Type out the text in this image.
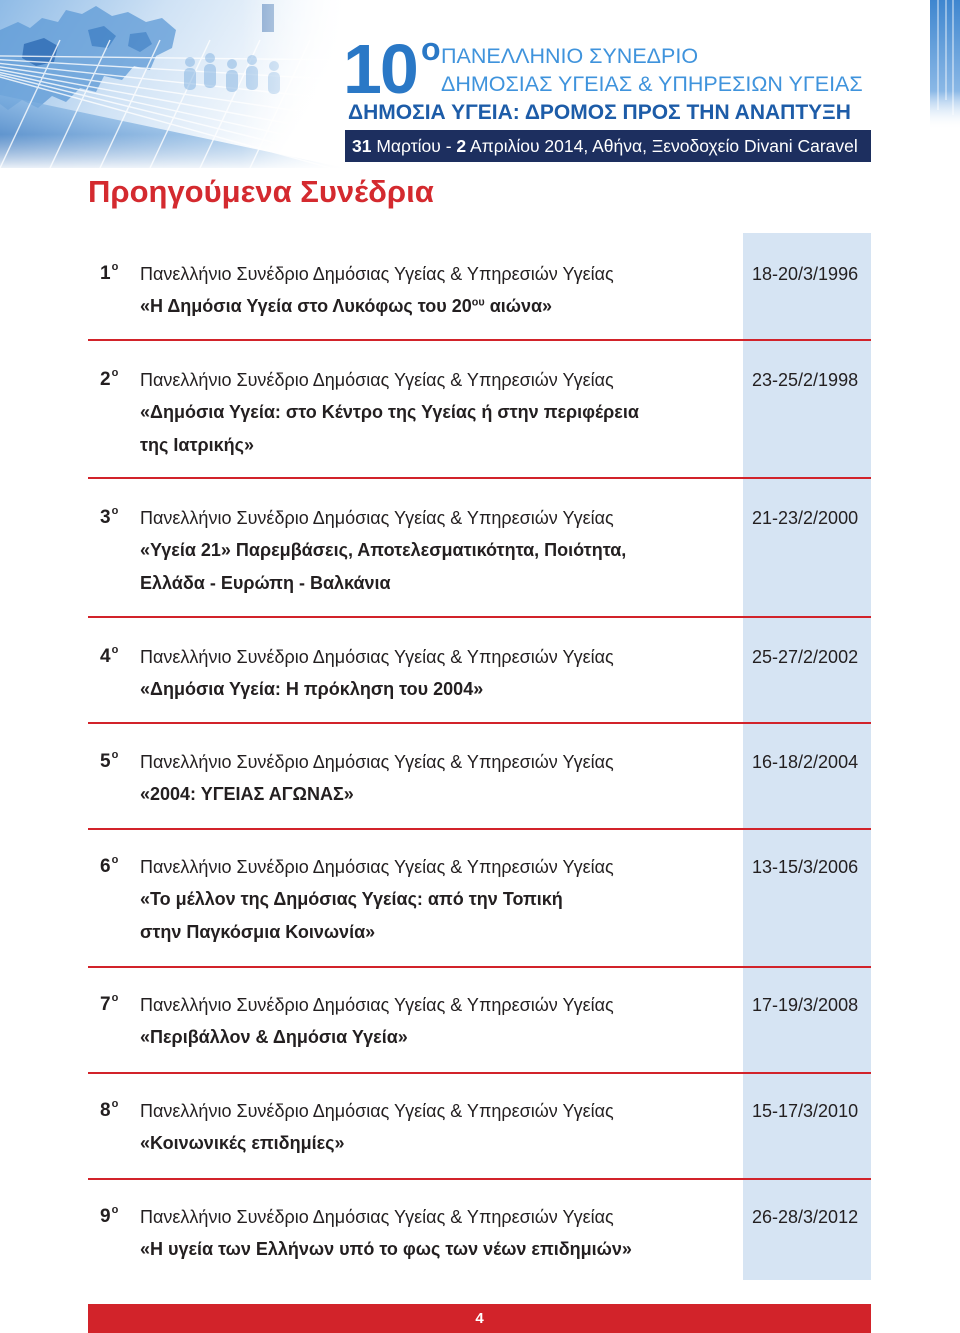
10 ο ΠΑΝΕΛΛΗΝΙΟ ΣΥΝΕΔΡΙΟ
ΔΗΜΟΣΙΑΣ ΥΓΕΙΑΣ & ΥΠΗΡΕΣΙΩΝ ΥΓΕΙΑΣ
ΔΗΜΟΣΙΑ ΥΓΕΙΑ: ΔΡΟΜΟΣ ΠΡΟΣ ΤΗΝ ΑΝΑΠΤΥΞΗ
31 Μαρτίου - 2 Απριλίου 2014, Αθήνα, Ξενοδοχείο Divani Caravel
Προηγούμενα Συνέδρια
$1^o$ Πανελλήνιο Συνέδριο Δημόσιας Υγείας & Υπηρεσιών Υγείας
«Η Δημόσια Υγεία στο Λυκόφως του $20^{o\upsilon}$ αιώνα»
18-20/3/1996
$2^o$ Πανελλήνιο Συνέδριο Δημόσιας Υγείας & Υπηρεσιών Υγείας
«Δημόσια Υγεία: στο Κέντρο της Υγείας ή στην περιφέρεια
της Ιατρικής»
23-25/2/1998
$3^o$ Πανελλήνιο Συνέδριο Δημόσιας Υγείας & Υπηρεσιών Υγείας
«Υγεία 21» Παρεμβάσεις, Αποτελεσματικότητα, Ποιότητα,
Ελλάδα - Ευρώπη - Βαλκάνια
21-23/2/2000
$4^o$ Πανελλήνιο Συνέδριο Δημόσιας Υγείας & Υπηρεσιών Υγείας
«Δημόσια Υγεία: Η πρόκληση του 2004»
25-27/2/2002
$5^o$ Πανελλήνιο Συνέδριο Δημόσιας Υγείας & Υπηρεσιών Υγείας
«2004: ΥΓΕΙΑΣ ΑΓΩΝΑΣ»
16-18/2/2004
$6^o$ Πανελλήνιο Συνέδριο Δημόσιας Υγείας & Υπηρεσιών Υγείας
«Το μέλλον της Δημόσιας Υγείας: από την Τοπική
στην Παγκόσμια Κοινωνία»
13-15/3/2006
$7^o$ Πανελλήνιο Συνέδριο Δημόσιας Υγείας & Υπηρεσιών Υγείας
«Περιβάλλον & Δημόσια Υγεία»
17-19/3/2008
$8^o$ Πανελλήνιο Συνέδριο Δημόσιας Υγείας & Υπηρεσιών Υγείας
«Κοινωνικές επιδημίες»
15-17/3/2010
$9^o$ Πανελλήνιο Συνέδριο Δημόσιας Υγείας & Υπηρεσιών Υγείας
«Η υγεία των Ελλήνων υπό το φως των νέων επιδημιών»
26-28/3/2012
4
